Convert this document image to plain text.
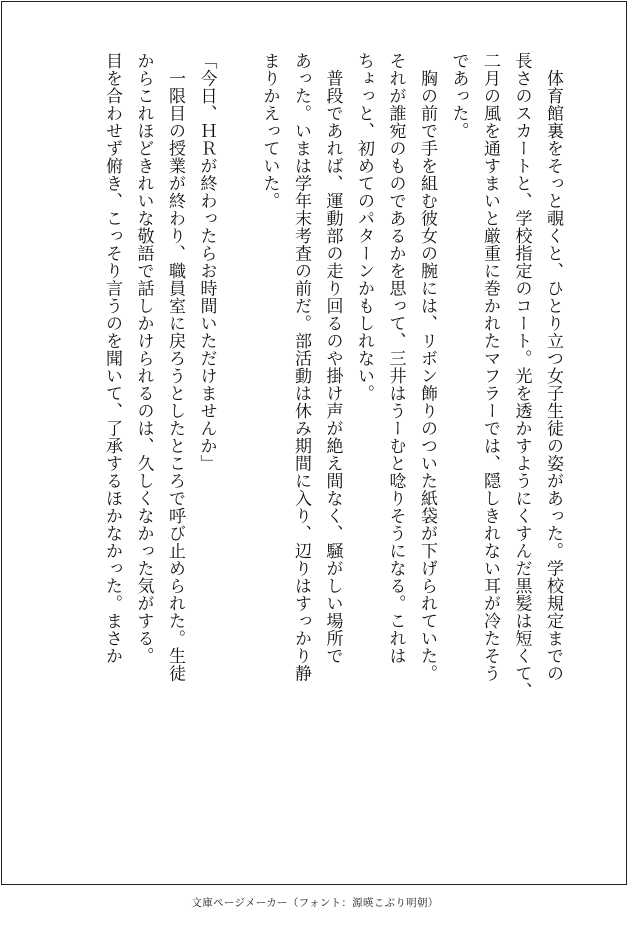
　体育館裏をそっと覗くと、ひとり立つ女子生徒の姿があった。学校規定までの
長さのスカートと、学校指定のコート。光を透かすようにくすんだ黒髪は短くて、
二月の風を通すまいと厳重に巻かれたマフラーでは、隠しきれない耳が冷たそう
であった。
　胸の前で手を組む彼女の腕には、リボン飾りのついた紙袋が下げられていた。
それが誰宛のものであるかを思って、三井はうーむと唸りそうになる。これは
ちょっと、初めてのパターンかもしれない。
　普段であれば、運動部の走り回るのや掛け声が絶え間なく、騒がしい場所で
あった。いまは学年末考査の前だ。部活動は休み期間に入り、辺りはすっかり静
まりかえっていた。
「今日、ＨＲが終わったらお時間いただけませんか」
　一限目の授業が終わり、職員室に戻ろうとしたところで呼び止められた。生徒
からこれほどきれいな敬語で話しかけられるのは、久しくなかった気がする。
目を合わせず俯き、こっそり言うのを聞いて、了承するほかなかった。まさか
文庫ページメーカー（フォント：源暎こぶり明朝）
